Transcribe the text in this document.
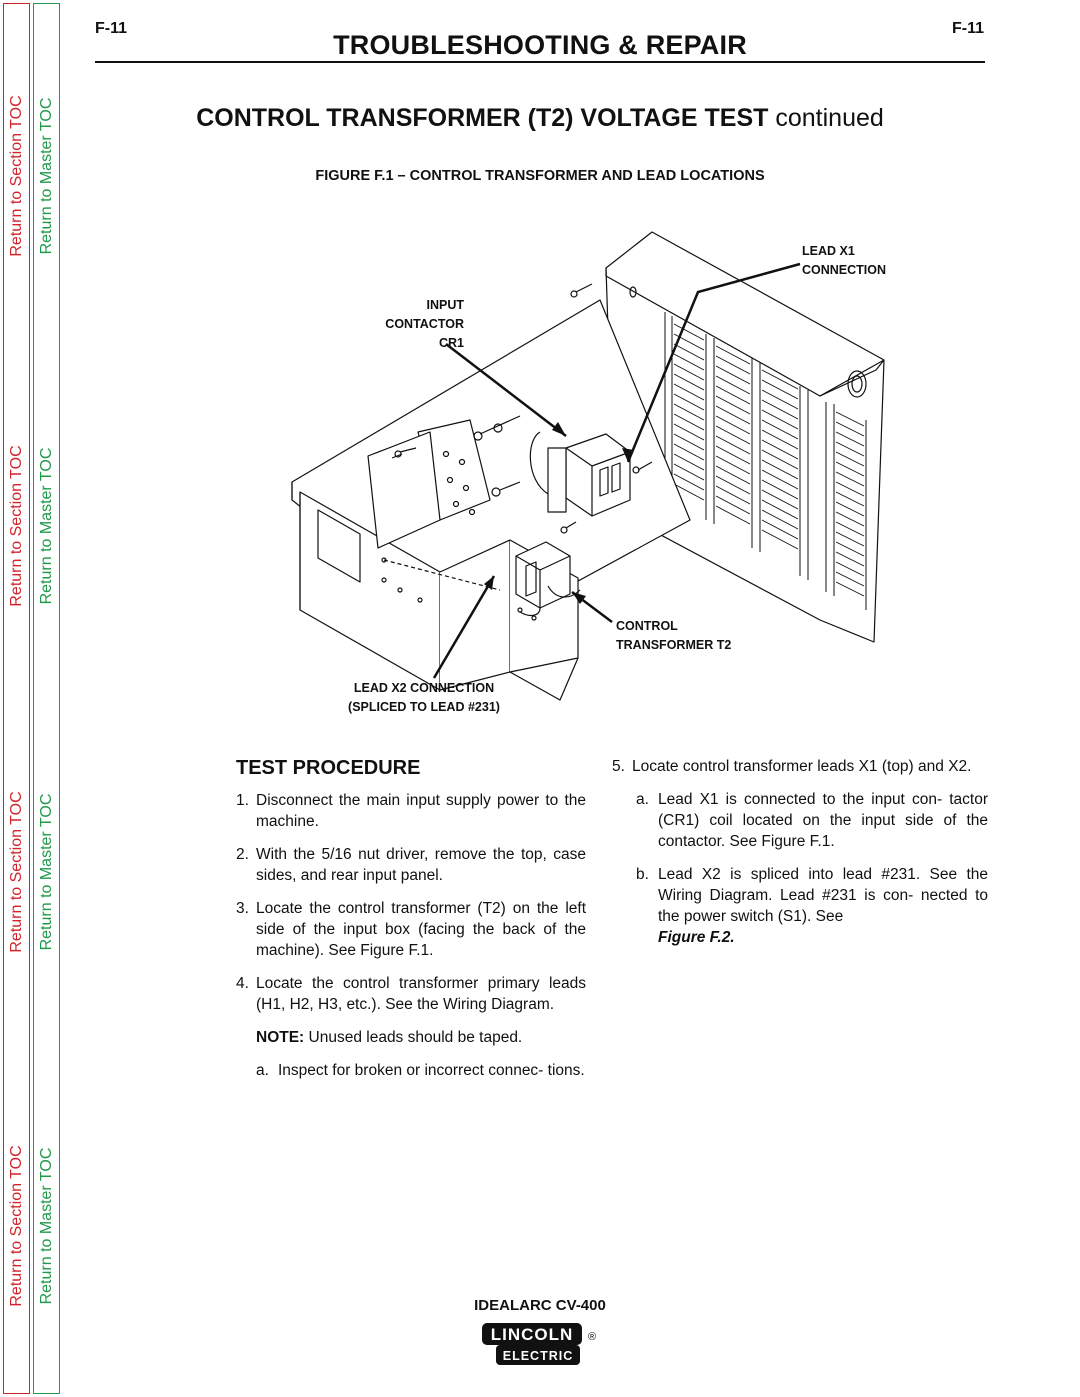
Return to Section TOC
Return to Section TOC
Return to Section TOC
Return to Section TOC
Return to Master TOC
Return to Master TOC
Return to Master TOC
Return to Master TOC
F-11	F-11
TROUBLESHOOTING & REPAIR
CONTROL TRANSFORMER (T2) VOLTAGE TEST continued
FIGURE F.1 – CONTROL TRANSFORMER AND LEAD LOCATIONS
LEAD X1
CONNECTION
INPUT
CONTACTOR
CR1
CONTROL
TRANSFORMER T2
LEAD X2 CONNECTION
(SPLICED TO LEAD #231)
TEST PROCEDURE
1. Disconnect the main input supply power to the machine.
2. With the 5/16 nut driver, remove the top, case sides, and rear input panel.
3. Locate the control transformer (T2) on the left side of the input box (facing the back of the machine). See Figure F.1.
4. Locate the control transformer primary leads (H1, H2, H3, etc.). See the Wiring Diagram.
NOTE: Unused leads should be taped.
a. Inspect for broken or incorrect connec- tions.
5. Locate control transformer leads X1 (top) and X2.
a. Lead X1 is connected to the input con- tactor (CR1) coil located on the input side of the contactor. See Figure F.1.
b. Lead X2 is spliced into lead #231. See the Wiring Diagram. Lead #231 is con- nected to the power switch (S1). See
Figure F.2.
IDEALARC CV-400
LINCOLN
ELECTRIC
®
